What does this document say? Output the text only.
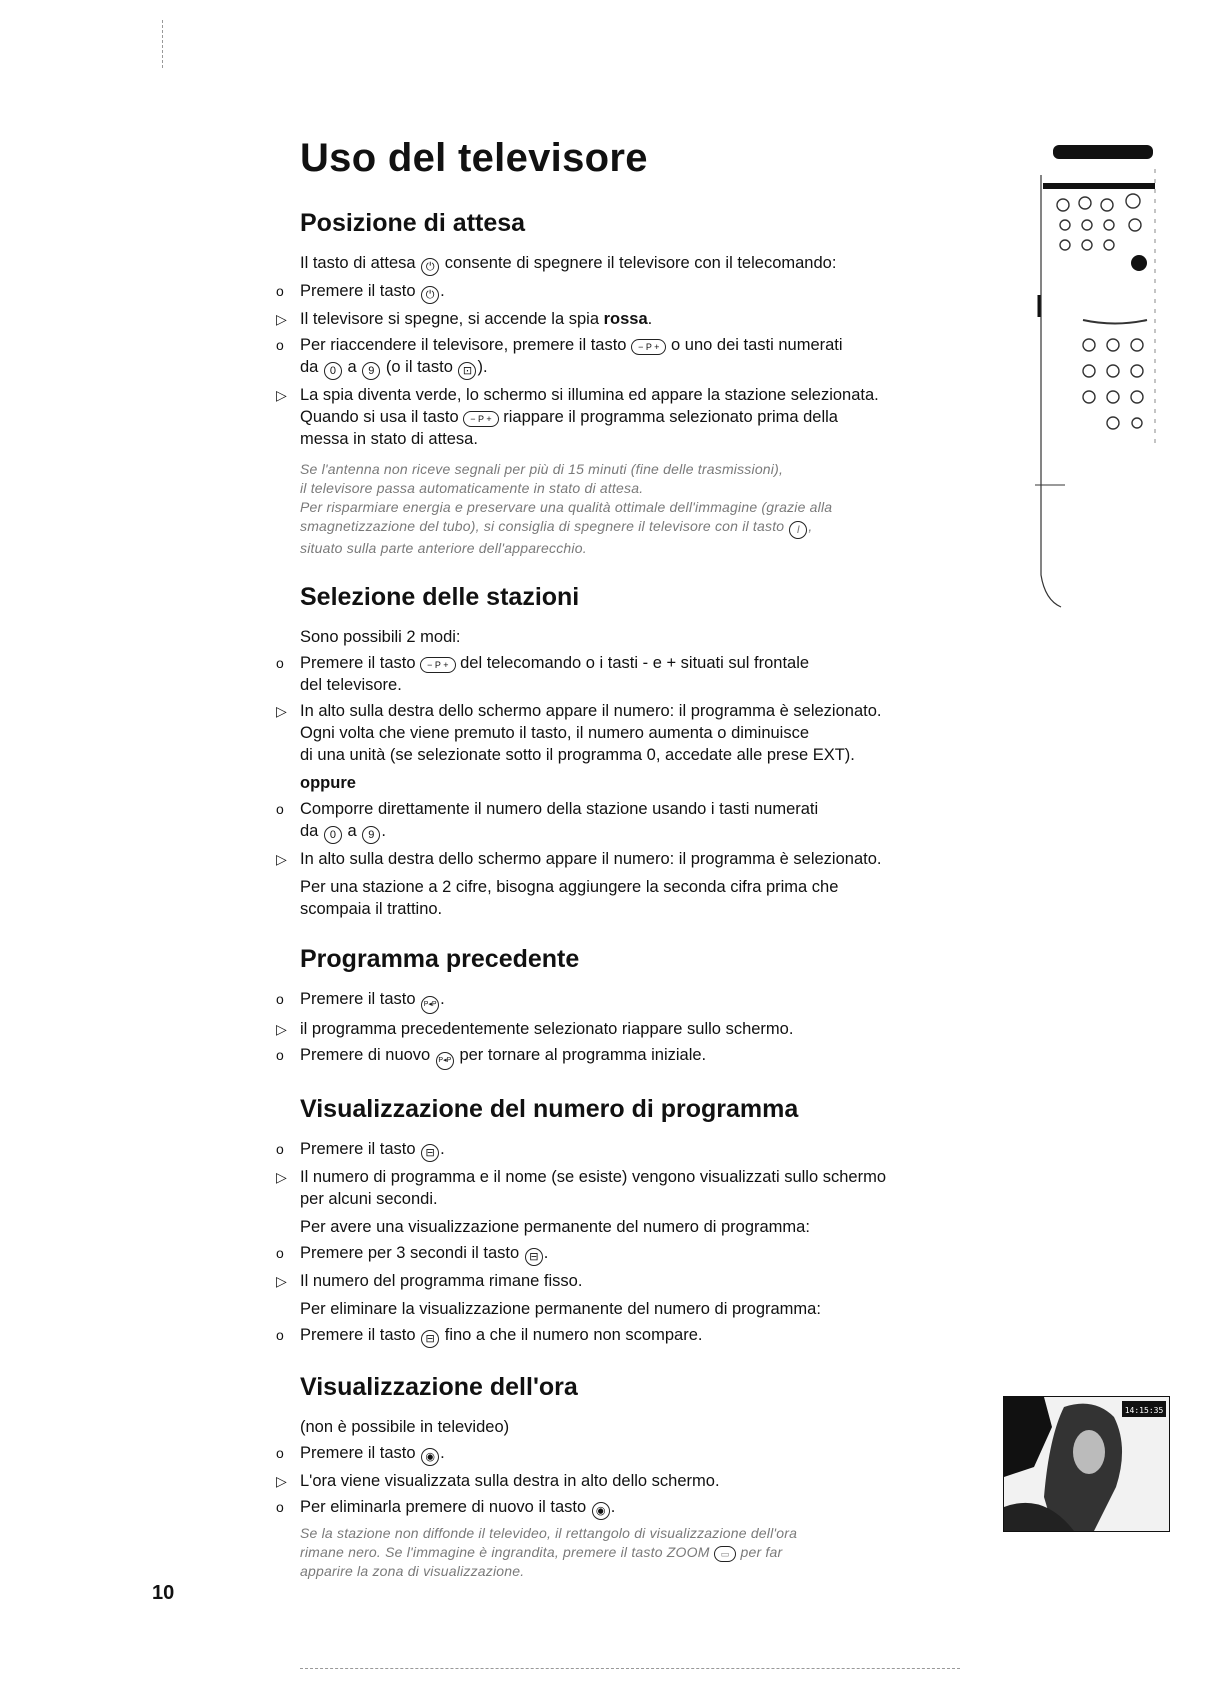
Uso del televisore
Posizione di attesa

Il tasto di attesa ⏻ consente di spegnere il televisore con il telecomando:

o Premere il tasto ⏻ .

▷ Il televisore si spegne, si accende la spia rossa.

o Per riaccendere il televisore, premere il tasto − P + o uno dei tasti numerati
da 0 a 9 (o il tasto ⊡ ).

▷ La spia diventa verde, lo schermo si illumina ed appare la stazione selezionata.
Quando si usa il tasto − P + riappare il programma selezionato prima della
messa in stato di attesa.

Se l'antenna non riceve segnali per più di 15 minuti (fine delle trasmissioni),
il televisore passa automaticamente in stato di attesa.
Per risparmiare energia e preservare una qualità ottimale dell'immagine (grazie alla
smagnetizzazione del tubo), si consiglia di spegnere il televisore con il tasto I ,
situato sulla parte anteriore dell'apparecchio.
Selezione delle stazioni

Sono possibili 2 modi:

o Premere il tasto − P + del telecomando o i tasti - e + situati sul frontale
del televisore.

▷ In alto sulla destra dello schermo appare il numero: il programma è selezionato.
Ogni volta che viene premuto il tasto, il numero aumenta o diminuisce
di una unità (se selezionate sotto il programma 0, accedate alle prese EXT).

oppure

o Comporre direttamente il numero della stazione usando i tasti numerati
da 0 a 9 .

▷ In alto sulla destra dello schermo appare il numero: il programma è selezionato.

Per una stazione a 2 cifre, bisogna aggiungere la seconda cifra prima che
scompaia il trattino.

Programma precedente

o Premere il tasto P◂P .

▷ il programma precedentemente selezionato riappare sullo schermo.

o Premere di nuovo P◂P per tornare al programma iniziale.

Visualizzazione del numero di programma

o Premere il tasto ⊟ .

▷ Il numero di programma e il nome (se esiste) vengono visualizzati sullo schermo
per alcuni secondi.

Per avere una visualizzazione permanente del numero di programma:

o Premere per 3 secondi il tasto ⊟ .

▷ Il numero del programma rimane fisso.

Per eliminare la visualizzazione permanente del numero di programma:

o Premere il tasto ⊟ fino a che il numero non scompare.

Visualizzazione dell'ora

(non è possibile in televideo)

o Premere il tasto ◉ .

▷ L'ora viene visualizzata sulla destra in alto dello schermo.

o Per eliminarla premere di nuovo il tasto ◉ .

Se la stazione non diffonde il televideo, il rettangolo di visualizzazione dell'ora
rimane nero. Se l'immagine è ingrandita, premere il tasto ZOOM ▭ per far
apparire la zona di visualizzazione.
14:15:35
10
